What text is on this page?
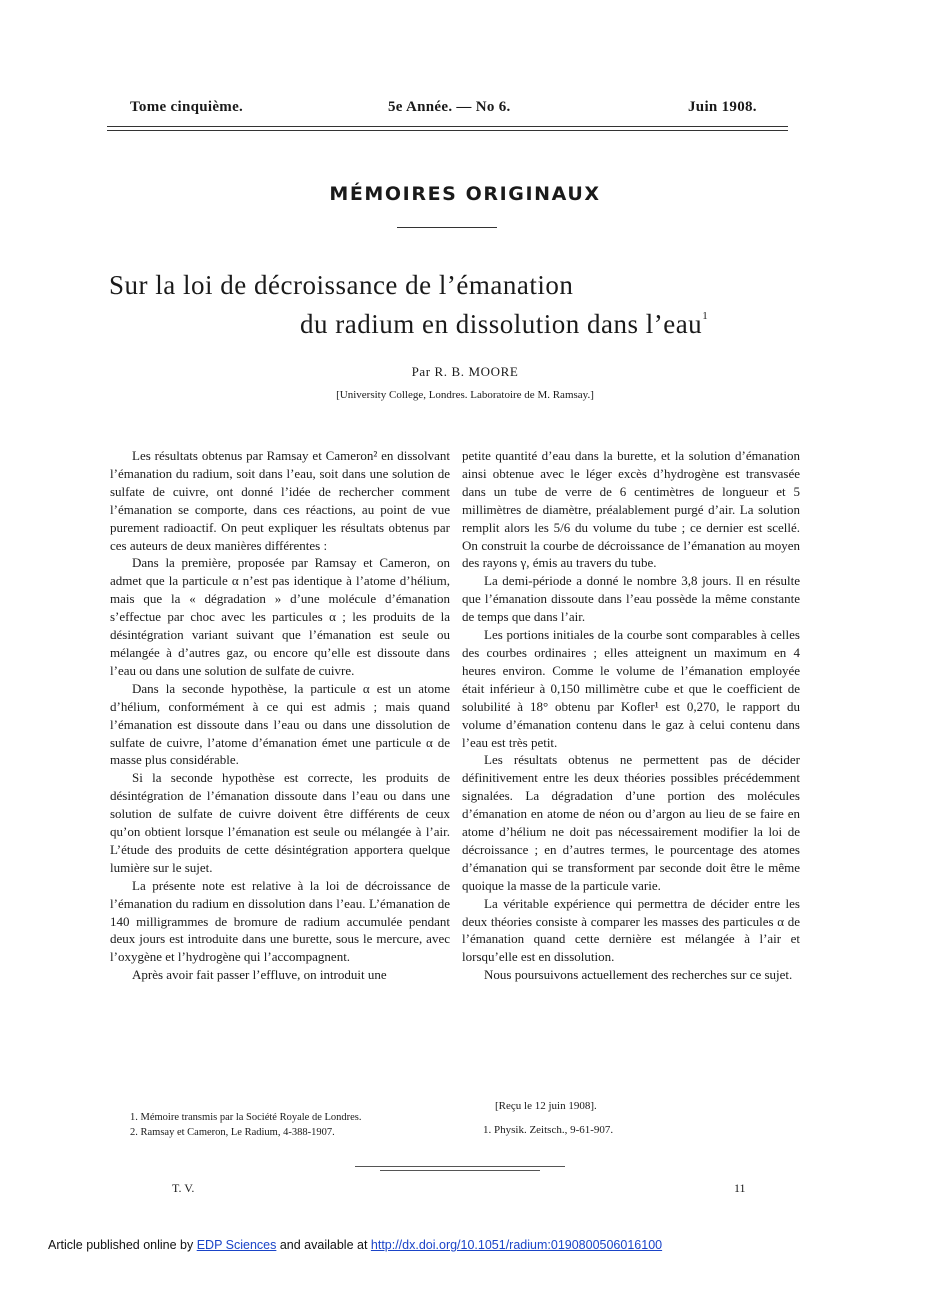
Tome cinquième.	5e Année. — No 6.	Juin 1908.
MÉMOIRES ORIGINAUX
Sur la loi de décroissance de l’émanation
du radium en dissolution dans l’eau$^1$
Par R. B. MOORE
[University College, Londres. Laboratoire de M. Ramsay.]

Les résultats obtenus par Ramsay et Cameron² en dissolvant l’émanation du radium, soit dans l’eau, soit dans une solution de sulfate de cuivre, ont donné l’idée de rechercher comment l’émanation se comporte, dans ces réactions, au point de vue purement radioactif. On peut expliquer les résultats obtenus par ces auteurs de deux manières différentes :

Dans la première, proposée par Ramsay et Cameron, on admet que la particule α n’est pas identique à l’atome d’hélium, mais que la « dégradation » d’une molécule d’émanation s’effectue par choc avec les particules α ; les produits de la désintégration variant suivant que l’émanation est seule ou mélangée à d’autres gaz, ou encore qu’elle est dissoute dans l’eau ou dans une solution de sulfate de cuivre.

Dans la seconde hypothèse, la particule α est un atome d’hélium, conformément à ce qui est admis ; mais quand l’émanation est dissoute dans l’eau ou dans une dissolution de sulfate de cuivre, l’atome d’émanation émet une particule α de masse plus considérable.

Si la seconde hypothèse est correcte, les produits de désintégration de l’émanation dissoute dans l’eau ou dans une solution de sulfate de cuivre doivent être différents de ceux qu’on obtient lorsque l’émanation est seule ou mélangée à l’air. L’étude des produits de cette désintégration apportera quelque lumière sur le sujet.

La présente note est relative à la loi de décroissance de l’émanation du radium en dissolution dans l’eau. L’émanation de 140 milligrammes de bromure de radium accumulée pendant deux jours est introduite dans une burette, sous le mercure, avec l’oxygène et l’hydrogène qui l’accompagnent.

Après avoir fait passer l’effluve, on introduit une

petite quantité d’eau dans la burette, et la solution d’émanation ainsi obtenue avec le léger excès d’hydrogène est transvasée dans un tube de verre de 6 centimètres de longueur et 5 millimètres de diamètre, préalablement purgé d’air. La solution remplit alors les 5/6 du volume du tube ; ce dernier est scellé. On construit la courbe de décroissance de l’émanation au moyen des rayons γ, émis au travers du tube.

La demi-période a donné le nombre 3,8 jours. Il en résulte que l’émanation dissoute dans l’eau possède la même constante de temps que dans l’air.

Les portions initiales de la courbe sont comparables à celles des courbes ordinaires ; elles atteignent un maximum en 4 heures environ. Comme le volume de l’émanation employée était inférieur à 0,150 millimètre cube et que le coefficient de solubilité à 18° obtenu par Kofler¹ est 0,270, le rapport du volume d’émanation contenu dans le gaz à celui contenu dans l’eau est très petit.

Les résultats obtenus ne permettent pas de décider définitivement entre les deux théories possibles précédemment signalées. La dégradation d’une portion des molécules d’émanation en atome de néon ou d’argon au lieu de se faire en atome d’hélium ne doit pas nécessairement modifier la loi de décroissance ; en d’autres termes, le pourcentage des atomes d’émanation qui se transforment par seconde doit être le même quoique la masse de la particule varie.

La véritable expérience qui permettra de décider entre les deux théories consiste à comparer les masses des particules α de l’émanation quand cette dernière est mélangée à l’air et lorsqu’elle est en dissolution.

Nous poursuivons actuellement des recherches sur ce sujet.

[Reçu le 12 juin 1908].
1. Mémoire transmis par la Société Royale de Londres.
2. Ramsay et Cameron, Le Radium, 4-388-1907.	1. Physik. Zeitsch., 9-61-907.
T. V.	11
Article published online by EDP Sciences and available at http://dx.doi.org/10.1051/radium:0190800506016100
